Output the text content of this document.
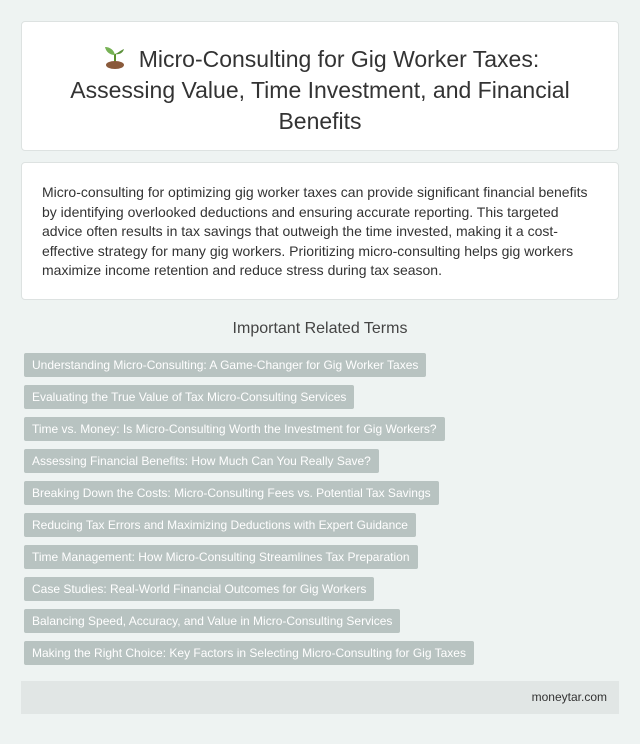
Micro-Consulting for Gig Worker Taxes: Assessing Value, Time Investment, and Financial Benefits

Micro-consulting for optimizing gig worker taxes can provide significant financial benefits by identifying overlooked deductions and ensuring accurate reporting. This targeted advice often results in tax savings that outweigh the time invested, making it a cost-effective strategy for many gig workers. Prioritizing micro-consulting helps gig workers maximize income retention and reduce stress during tax season.

Important Related Terms
Understanding Micro-Consulting: A Game-Changer for Gig Worker Taxes
Evaluating the True Value of Tax Micro-Consulting Services
Time vs. Money: Is Micro-Consulting Worth the Investment for Gig Workers?
Assessing Financial Benefits: How Much Can You Really Save?
Breaking Down the Costs: Micro-Consulting Fees vs. Potential Tax Savings
Reducing Tax Errors and Maximizing Deductions with Expert Guidance
Time Management: How Micro-Consulting Streamlines Tax Preparation
Case Studies: Real-World Financial Outcomes for Gig Workers
Balancing Speed, Accuracy, and Value in Micro-Consulting Services
Making the Right Choice: Key Factors in Selecting Micro-Consulting for Gig Taxes
moneytar.com
